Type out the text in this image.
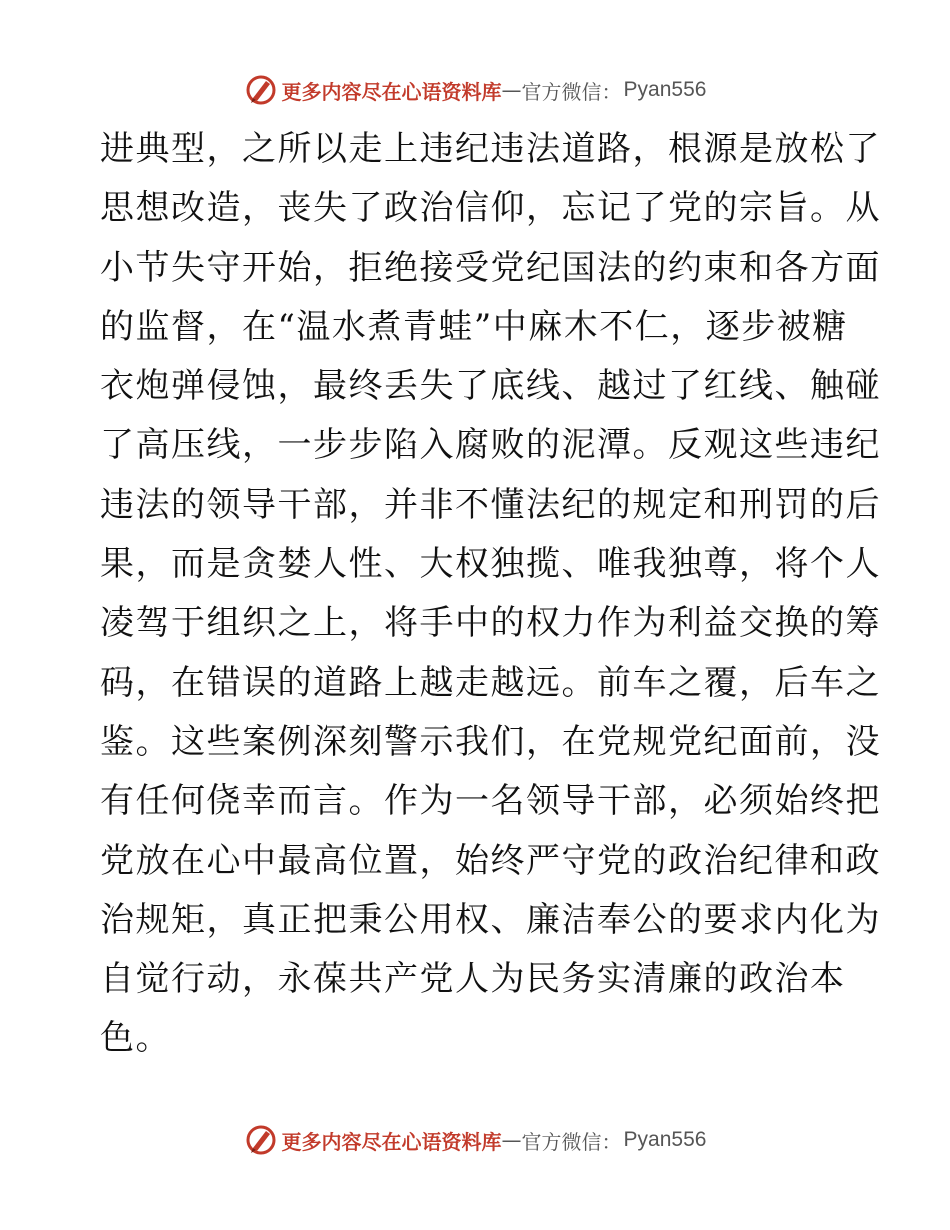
更多内容尽在心语资料库 — 官方微信： Pyan556
进典型，之所以走上违纪违法道路，根源是放松了
思想改造，丧失了政治信仰，忘记了党的宗旨。从
小节失守开始，拒绝接受党纪国法的约束和各方面
的监督，在“温水煮青蛙”中麻木不仁，逐步被糖
衣炮弹侵蚀，最终丢失了底线、越过了红线、触碰
了高压线，一步步陷入腐败的泥潭。反观这些违纪
违法的领导干部，并非不懂法纪的规定和刑罚的后
果，而是贪婪人性、大权独揽、唯我独尊，将个人
凌驾于组织之上，将手中的权力作为利益交换的筹
码，在错误的道路上越走越远。前车之覆，后车之
鉴。这些案例深刻警示我们，在党规党纪面前，没
有任何侥幸而言。作为一名领导干部，必须始终把
党放在心中最高位置，始终严守党的政治纪律和政
治规矩，真正把秉公用权、廉洁奉公的要求内化为
自觉行动，永葆共产党人为民务实清廉的政治本
色。
更多内容尽在心语资料库 — 官方微信： Pyan556
